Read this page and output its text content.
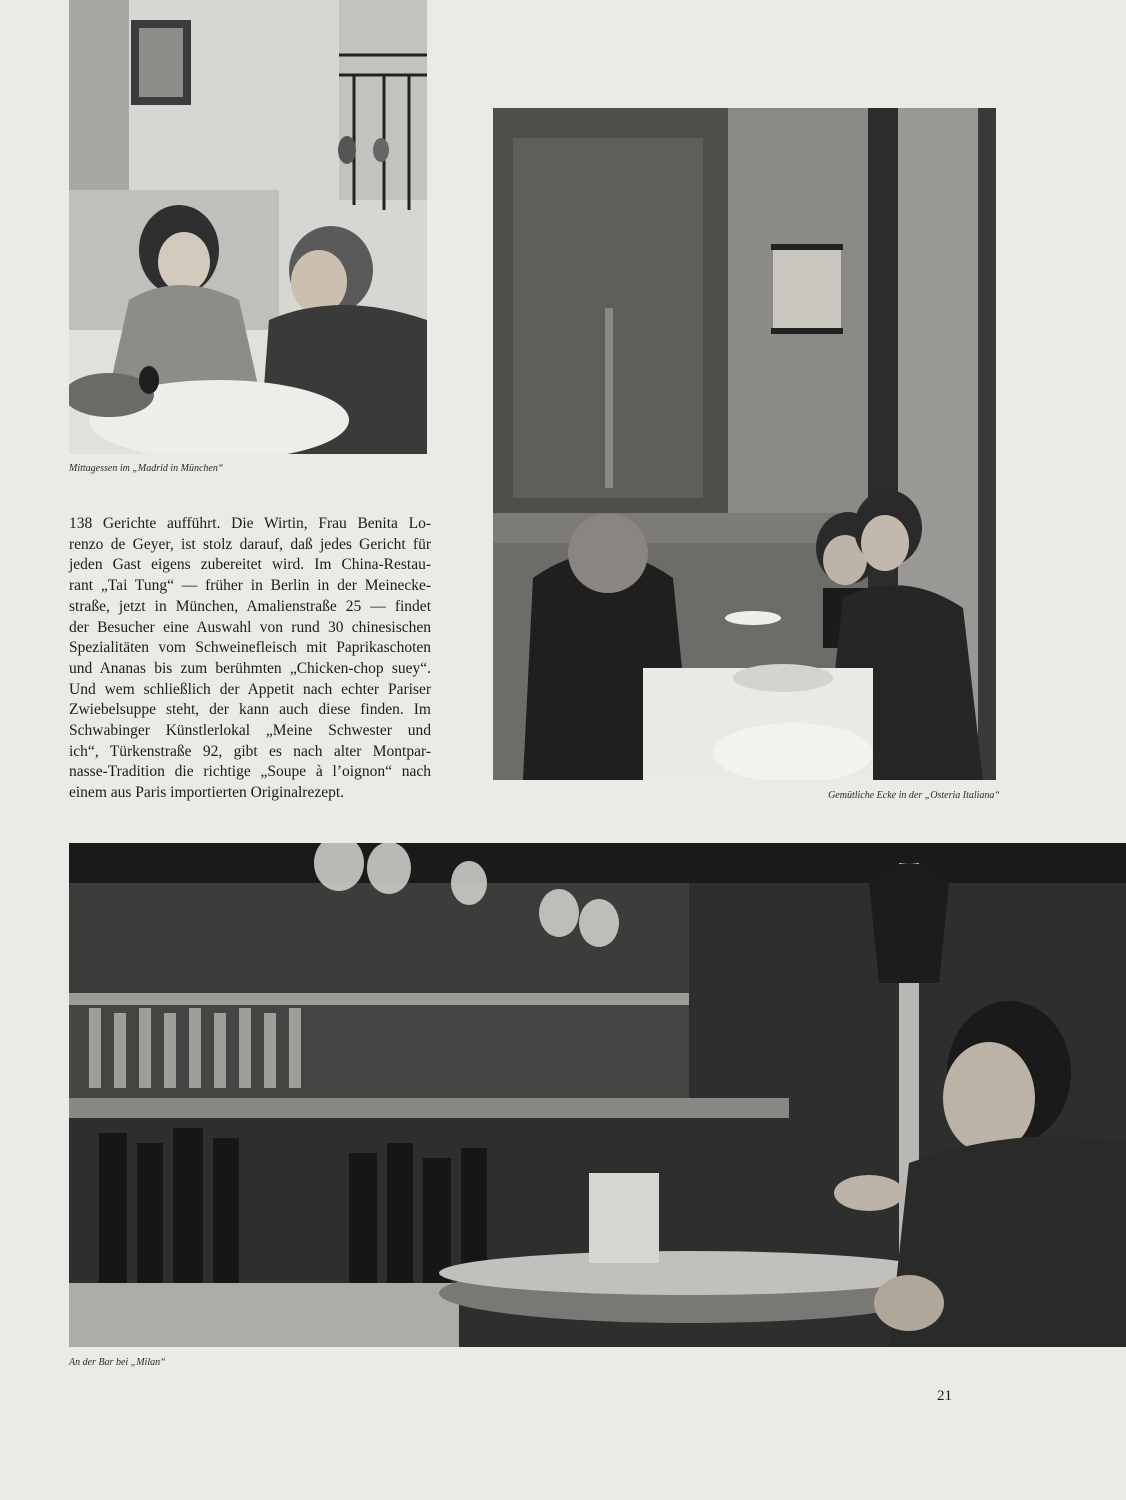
Mittagessen im „Madrid in München“

138 Gerichte aufführt. Die Wirtin, Frau Benita Lo-
renzo de Geyer, ist stolz darauf, daß jedes Gericht für
jeden Gast eigens zubereitet wird. Im China-Restau-
rant „Tai Tung“ — früher in Berlin in der Meinecke-
straße, jetzt in München, Amalienstraße 25 — findet
der Besucher eine Auswahl von rund 30 chinesischen
Spezialitäten vom Schweinefleisch mit Paprikaschoten
und Ananas bis zum berühmten „Chicken-chop suey“.
Und wem schließlich der Appetit nach echter Pariser
Zwiebelsuppe steht, der kann auch diese finden. Im
Schwabinger Künstlerlokal „Meine Schwester und
ich“, Türkenstraße 92, gibt es nach alter Montpar-
nasse-Tradition die richtige „Soupe à l’oignon“ nach
einem aus Paris importierten Originalrezept.	Gemütliche Ecke in der „Osteria Italiana“
An der Bar bei „Milan“
21
